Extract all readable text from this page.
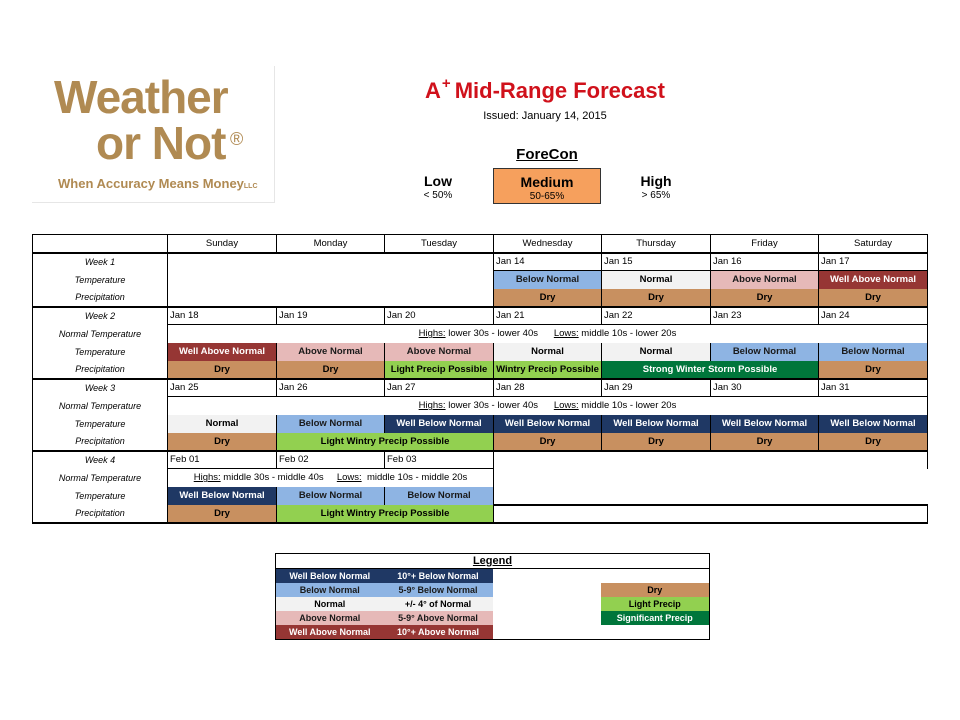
Weather
or Not ®
When Accuracy Means MoneyLLC
A+ Mid-Range Forecast
Issued: January 14, 2015
ForeCon
Low
< 50%
Medium
50-65%
High
> 65%
	Sunday	Monday	Tuesday	Wednesday	Thursday	Friday	Saturday
Week 1				Jan 14	Jan 15	Jan 16	Jan 17
Temperature				Below Normal	Normal	Above Normal	Well Above Normal
Precipitation				Dry	Dry	Dry	Dry
Week 2	Jan 18	Jan 19	Jan 20	Jan 21	Jan 22	Jan 23	Jan 24
Normal Temperature	Highs: lower 30s - lower 40s Lows: middle 10s - lower 20s						
Temperature	Well Above Normal	Above Normal	Above Normal	Normal	Normal	Below Normal	Below Normal
Precipitation	Dry	Dry	Light Precip Possible	Wintry Precip Possible	Strong Winter Storm Possible		Dry
Week 3	Jan 25	Jan 26	Jan 27	Jan 28	Jan 29	Jan 30	Jan 31
Normal Temperature	Highs: lower 30s - lower 40s Lows: middle 10s - lower 20s						
Temperature	Normal	Below Normal	Well Below Normal	Well Below Normal	Well Below Normal	Well Below Normal	Well Below Normal
Precipitation	Dry	Light Wintry Precip Possible		Dry	Dry	Dry	Dry
Week 4	Feb 01	Feb 02	Feb 03				
Normal Temperature	Highs: middle 30s - middle 40s Lows: middle 10s - middle 20s						
Temperature	Well Below Normal	Below Normal	Below Normal				
Precipitation	Dry	Light Wintry Precip Possible					
Legend			
Well Below Normal	10°+ Below Normal		
Below Normal	5-9° Below Normal		Dry
Normal	+/- 4° of Normal		Light Precip
Above Normal	5-9° Above Normal		Significant Precip
Well Above Normal	10°+ Above Normal		
